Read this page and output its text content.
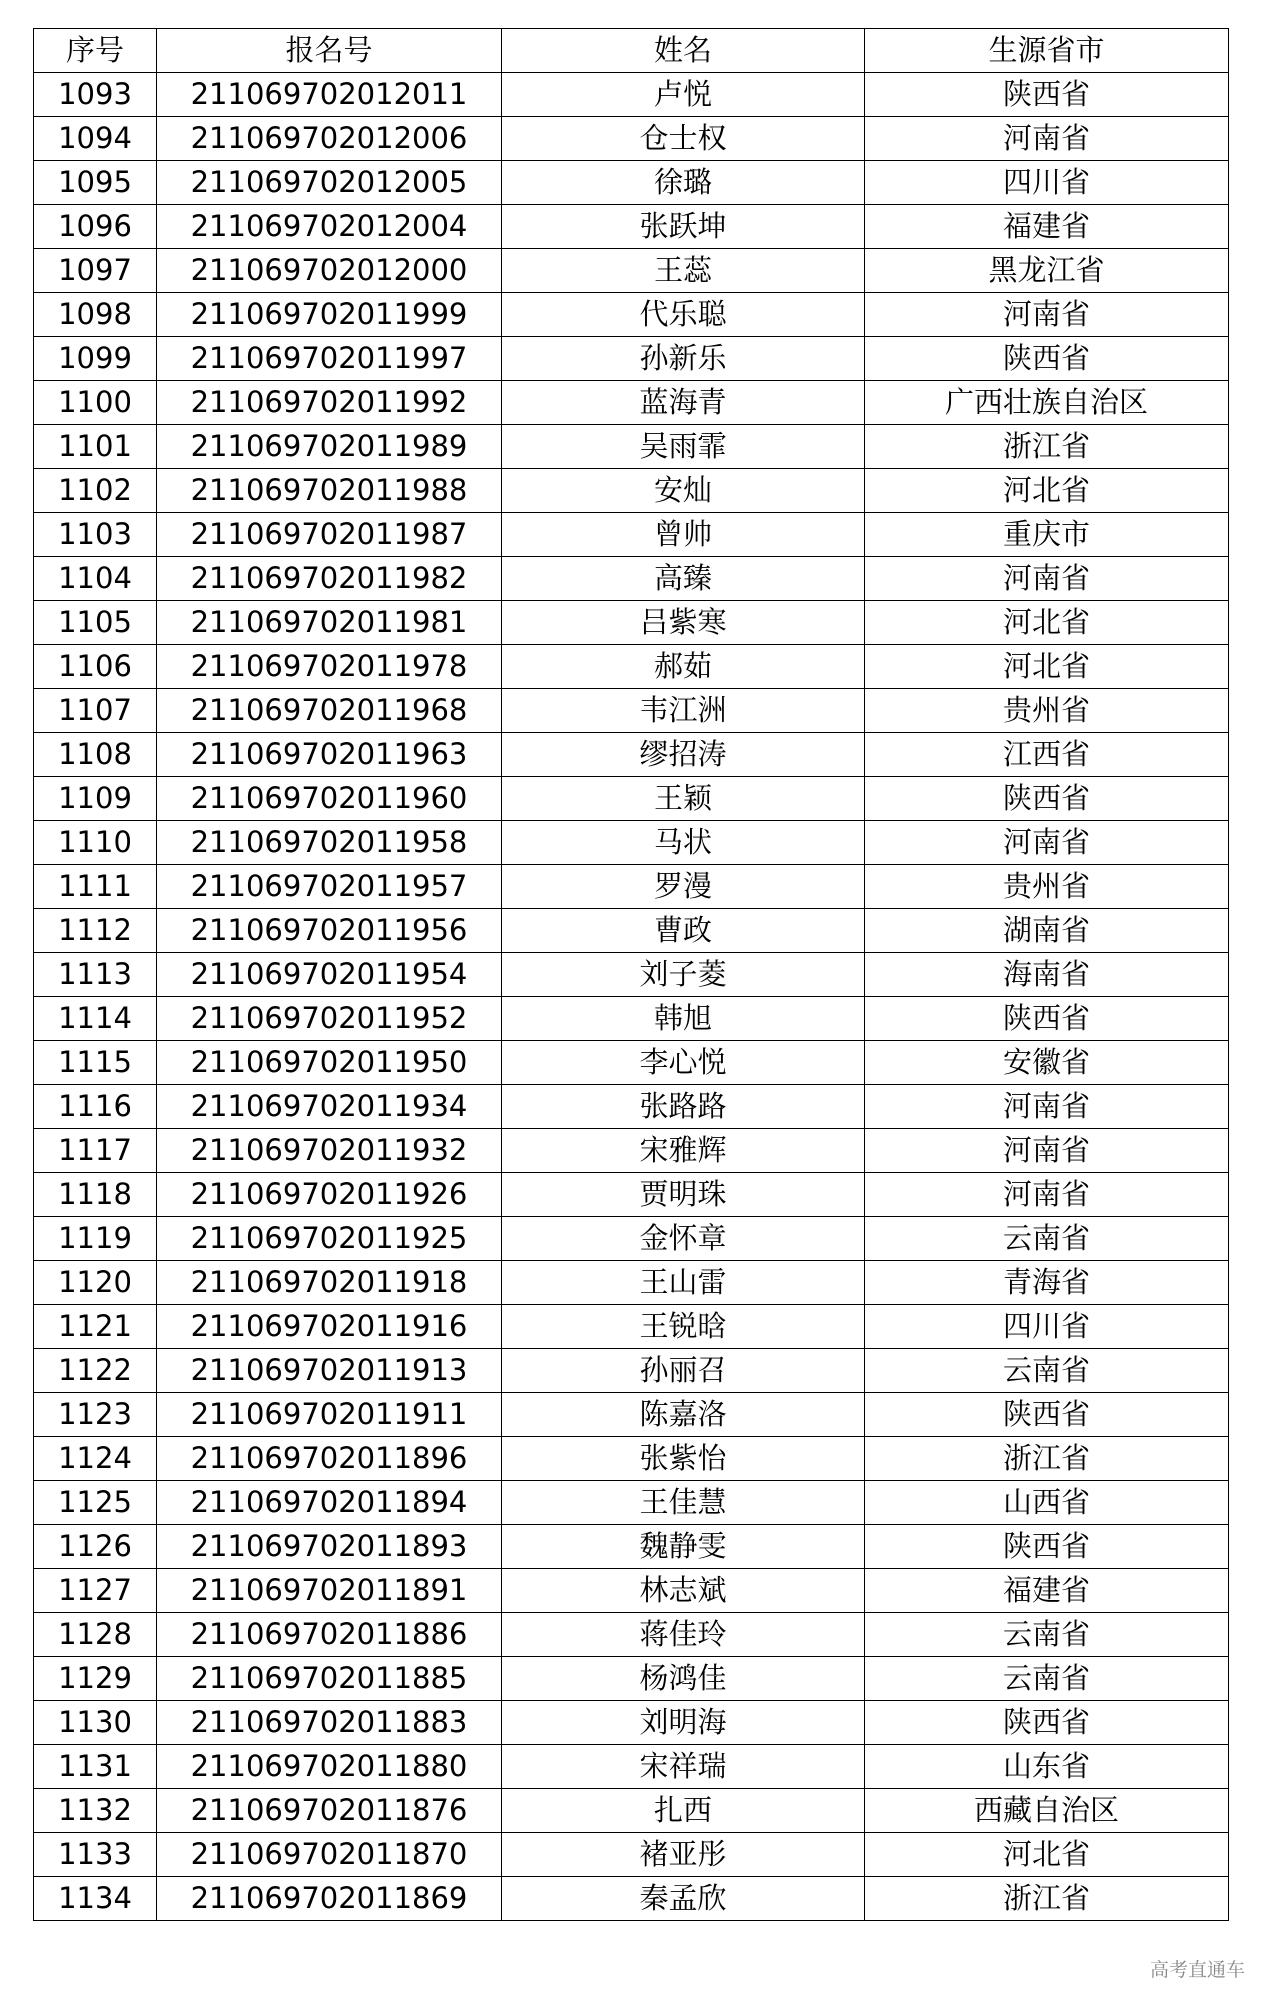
序号	报名号	姓名	生源省市
1093	211069702012011	卢悦	陕西省
1094	211069702012006	仓士权	河南省
1095	211069702012005	徐璐	四川省
1096	211069702012004	张跃坤	福建省
1097	211069702012000	王蕊	黑龙江省
1098	211069702011999	代乐聪	河南省
1099	211069702011997	孙新乐	陕西省
1100	211069702011992	蓝海青	广西壮族自治区
1101	211069702011989	吴雨霏	浙江省
1102	211069702011988	安灿	河北省
1103	211069702011987	曾帅	重庆市
1104	211069702011982	高臻	河南省
1105	211069702011981	吕紫寒	河北省
1106	211069702011978	郝茹	河北省
1107	211069702011968	韦江洲	贵州省
1108	211069702011963	缪招涛	江西省
1109	211069702011960	王颖	陕西省
1110	211069702011958	马状	河南省
1111	211069702011957	罗漫	贵州省
1112	211069702011956	曹政	湖南省
1113	211069702011954	刘子菱	海南省
1114	211069702011952	韩旭	陕西省
1115	211069702011950	李心悦	安徽省
1116	211069702011934	张路路	河南省
1117	211069702011932	宋雅辉	河南省
1118	211069702011926	贾明珠	河南省
1119	211069702011925	金怀章	云南省
1120	211069702011918	王山雷	青海省
1121	211069702011916	王锐晗	四川省
1122	211069702011913	孙丽召	云南省
1123	211069702011911	陈嘉洛	陕西省
1124	211069702011896	张紫怡	浙江省
1125	211069702011894	王佳慧	山西省
1126	211069702011893	魏静雯	陕西省
1127	211069702011891	林志斌	福建省
1128	211069702011886	蒋佳玲	云南省
1129	211069702011885	杨鸿佳	云南省
1130	211069702011883	刘明海	陕西省
1131	211069702011880	宋祥瑞	山东省
1132	211069702011876	扎西	西藏自治区
1133	211069702011870	褚亚彤	河北省
1134	211069702011869	秦孟欣	浙江省
高考直通车
